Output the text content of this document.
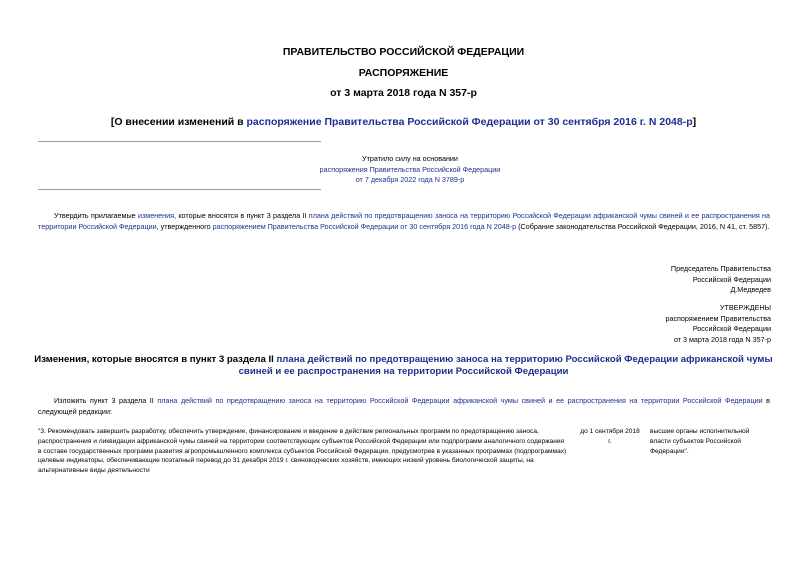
ПРАВИТЕЛЬСТВО РОССИЙСКОЙ ФЕДЕРАЦИИ
РАСПОРЯЖЕНИЕ
от 3 марта 2018 года N 357-р
[О внесении изменений в распоряжение Правительства Российской Федерации от 30 сентября 2016 г. N 2048-р]
Утратило силу на основании
распоряжения Правительства Российской Федерации
от 7 декабря 2022 года N 3789-р
Утвердить прилагаемые изменения, которые вносятся в пункт 3 раздела II плана действий по предотвращению заноса на территорию Российской Федерации африканской чумы свиней и ее распространения на территории Российской Федерации, утвержденного распоряжением Правительства Российской Федерации от 30 сентября 2016 года N 2048-р (Собрание законодательства Российской Федерации, 2016, N 41, ст. 5857).
Председатель Правительства
Российской Федерации
Д.Медведев
УТВЕРЖДЕНЫ
распоряжением Правительства
Российской Федерации
от 3 марта 2018 года N 357-р
Изменения, которые вносятся в пункт 3 раздела II плана действий по предотвращению заноса на территорию Российской Федерации африканской чумы свиней и ее распространения на территории Российской Федерации
Изложить пункт 3 раздела II плана действий по предотвращению заноса на территорию Российской Федерации африканской чумы свиней и ее распространения на территории Российской Федерации в следующей редакции:
"3. Рекомендовать завершить разработку, обеспечить утверждение, финансирование и введение в действие региональных программ по предотвращению заноса, распространения и ликвидации африканской чумы свиней на территории соответствующих субъектов Российской Федерации или подпрограмм аналогичного содержания в составе государственных программ развития агропромышленного комплекса субъектов Российской Федерации, предусмотрев в указанных программах (подпрограммах) целевые индикаторы, обеспечивающие поэтапный перевод до 31 декабря 2019 г. свиноводческих хозяйств, имеющих низкий уровень биологической защиты, на альтернативные виды деятельности	до 1 сентября 2018 г.	высшие органы исполнительной власти субъектов Российской Федерации".
